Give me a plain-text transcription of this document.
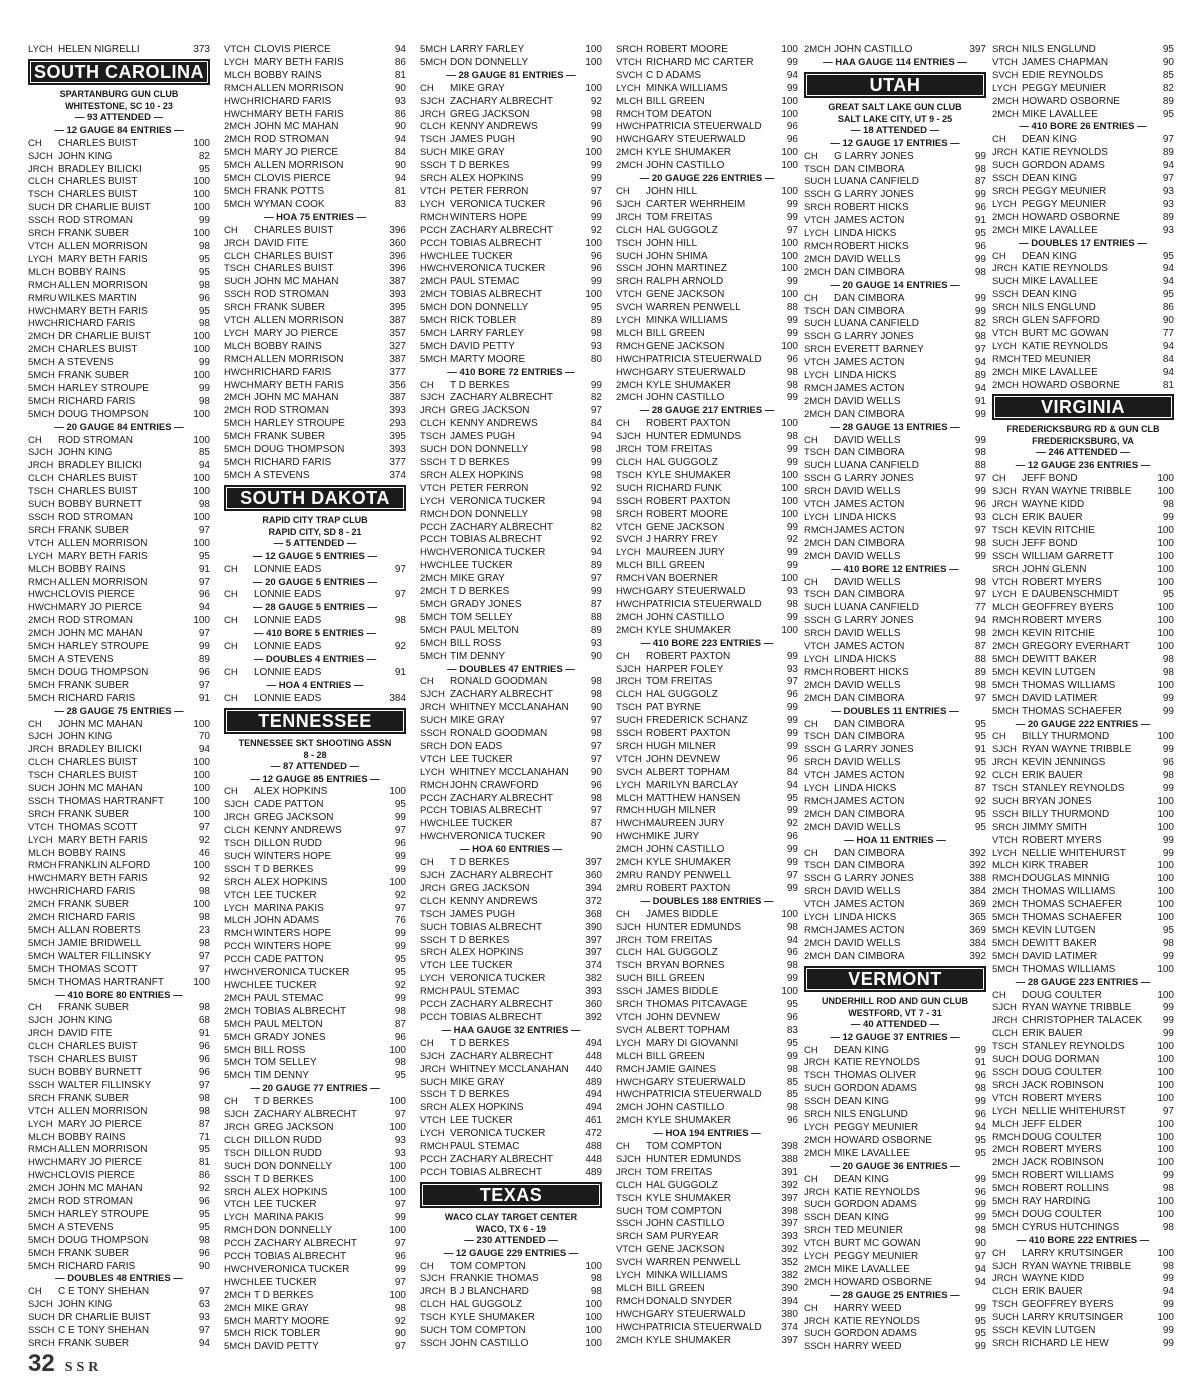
LYCH HELEN NIGRELLI	373
SOUTH CAROLINA
SPARTANBURG GUN CLUB
WHITESTONE, SC 10 - 23
— 93 ATTENDED —
— 12 GAUGE 84 ENTRIES —
CH	CHARLES BUIST	100
SJCH JOHN KING	82
JRCH BRADLEY BILICKI	95
CLCH CHARLES BUIST	100
TSCH CHARLES BUIST	100
SUCH DR CHARLIE BUIST	100
SSCH ROD STROMAN	99
SRCH FRANK SUBER	100
VTCH ALLEN MORRISON	98
LYCH MARY BETH FARIS	95
MLCH BOBBY RAINS	95
RMCH ALLEN MORRISON	98
RMRU WILKES MARTIN	96
HWCH MARY BETH FARIS	95
HWCH RICHARD FARIS	98
2MCH DR CHARLIE BUIST	100
2MCH CHARLES BUIST	100
5MCH A STEVENS	99
5MCH FRANK SUBER	100
5MCH HARLEY STROUPE	99
5MCH RICHARD FARIS	98
5MCH DOUG THOMPSON	100
— 20 GAUGE 84 ENTRIES —
CH	ROD STROMAN	100
SJCH JOHN KING	85
JRCH BRADLEY BILICKI	94
CLCH CHARLES BUIST	100
TSCH CHARLES BUIST	100
SUCH BOBBY BURNETT	98
SSCH ROD STROMAN	100
SRCH FRANK SUBER	97
VTCH ALLEN MORRISON	100
LYCH MARY BETH FARIS	95
MLCH BOBBY RAINS	91
RMCH ALLEN MORRISON	97
HWCH CLOVIS PIERCE	96
HWCH MARY JO PIERCE	94
2MCH ROD STROMAN	100
2MCH JOHN MC MAHAN	97
5MCH HARLEY STROUPE	99
5MCH A STEVENS	89
5MCH DOUG THOMPSON	96
5MCH FRANK SUBER	97
5MCH RICHARD FARIS	91
— 28 GAUGE 75 ENTRIES —
CH	JOHN MC MAHAN	100
SJCH JOHN KING	70
JRCH BRADLEY BILICKI	94
CLCH CHARLES BUIST	100
TSCH CHARLES BUIST	100
SUCH JOHN MC MAHAN	100
SSCH THOMAS HARTRANFT	100
SRCH FRANK SUBER	100
VTCH THOMAS SCOTT	97
LYCH MARY BETH FARIS	92
MLCH BOBBY RAINS	46
RMCH FRANKLIN ALFORD	100
HWCH MARY BETH FARIS	92
HWCH RICHARD FARIS	98
2MCH FRANK SUBER	100
2MCH RICHARD FARIS	98
5MCH ALLAN ROBERTS	23
5MCH JAMIE BRIDWELL	98
5MCH WALTER FILLINSKY	97
5MCH THOMAS SCOTT	97
5MCH THOMAS HARTRANFT	100
— 410 BORE 80 ENTRIES —
CH	FRANK SUBER	98
SJCH JOHN KING	68
JRCH DAVID FITE	91
CLCH CHARLES BUIST	96
TSCH CHARLES BUIST	96
SUCH BOBBY BURNETT	96
SSCH WALTER FILLINSKY	97
SRCH FRANK SUBER	98
VTCH ALLEN MORRISON	98
LYCH MARY JO PIERCE	87
MLCH BOBBY RAINS	71
RMCH ALLEN MORRISON	95
HWCH MARY JO PIERCE	81
HWCH CLOVIS PIERCE	86
2MCH JOHN MC MAHAN	92
2MCH ROD STROMAN	96
5MCH HARLEY STROUPE	95
5MCH A STEVENS	95
5MCH DOUG THOMPSON	98
5MCH FRANK SUBER	96
5MCH RICHARD FARIS	90
— DOUBLES 48 ENTRIES —
CH	C E TONY SHEHAN	97
SJCH JOHN KING	63
SUCH DR CHARLIE BUIST	93
SSCH C E TONY SHEHAN	97
SRCH FRANK SUBER	94
VTCH CLOVIS PIERCE	94
LYCH MARY BETH FARIS	86
MLCH BOBBY RAINS	81
RMCH ALLEN MORRISON	90
HWCH RICHARD FARIS	93
HWCH MARY BETH FARIS	86
2MCH JOHN MC MAHAN	90
2MCH ROD STROMAN	94
5MCH MARY JO PIERCE	84
5MCH ALLEN MORRISON	90
5MCH CLOVIS PIERCE	94
5MCH FRANK POTTS	81
5MCH WYMAN COOK	83
— HOA 75 ENTRIES —
CH	CHARLES BUIST	396
JRCH DAVID FITE	360
CLCH CHARLES BUIST	396
TSCH CHARLES BUIST	396
SUCH JOHN MC MAHAN	387
SSCH ROD STROMAN	393
SRCH FRANK SUBER	395
VTCH ALLEN MORRISON	387
LYCH MARY JO PIERCE	357
MLCH BOBBY RAINS	327
RMCH ALLEN MORRISON	387
HWCH RICHARD FARIS	377
HWCH MARY BETH FARIS	356
2MCH JOHN MC MAHAN	387
2MCH ROD STROMAN	393
5MCH HARLEY STROUPE	293
5MCH FRANK SUBER	395
5MCH DOUG THOMPSON	393
5MCH RICHARD FARIS	377
5MCH A STEVENS	374
SOUTH DAKOTA
RAPID CITY TRAP CLUB
RAPID CITY, SD 8 - 21
— 5 ATTENDED —
— 12 GAUGE 5 ENTRIES —
CH	LONNIE EADS	97
— 20 GAUGE 5 ENTRIES —
CH	LONNIE EADS	97
— 28 GAUGE 5 ENTRIES —
CH	LONNIE EADS	98
— 410 BORE 5 ENTRIES —
CH	LONNIE EADS	92
— DOUBLES 4 ENTRIES —
CH	LONNIE EADS	91
— HOA 4 ENTRIES —
CH	LONNIE EADS	384
TENNESSEE
TENNESSEE SKT SHOOTING ASSN
8 - 28
— 87 ATTENDED —
— 12 GAUGE 85 ENTRIES —
CH	ALEX HOPKINS	100
SJCH CADE PATTON	95
JRCH GREG JACKSON	99
CLCH KENNY ANDREWS	97
TSCH DILLON RUDD	96
SUCH WINTERS HOPE	99
SSCH T D BERKES	99
SRCH ALEX HOPKINS	100
VTCH LEE TUCKER	92
LYCH MARINA PAKIS	97
MLCH JOHN ADAMS	76
RMCH WINTERS HOPE	99
PCCH WINTERS HOPE	99
PCCH CADE PATTON	95
HWCH VERONICA TUCKER	95
HWCH LEE TUCKER	92
2MCH PAUL STEMAC	99
2MCH TOBIAS ALBRECHT	98
5MCH PAUL MELTON	87
5MCH GRADY JONES	96
5MCH BILL ROSS	100
5MCH TOM SELLEY	98
5MCH TIM DENNY	95
— 20 GAUGE 77 ENTRIES —
CH	T D BERKES	100
SJCH ZACHARY ALBRECHT	97
JRCH GREG JACKSON	100
CLCH DILLON RUDD	93
TSCH DILLON RUDD	93
SUCH DON DONNELLY	100
SSCH T D BERKES	100
SRCH ALEX HOPKINS	100
VTCH LEE TUCKER	97
LYCH MARINA PAKIS	99
RMCH DON DONNELLY	100
PCCH ZACHARY ALBRECHT	97
PCCH TOBIAS ALBRECHT	96
HWCH VERONICA TUCKER	99
HWCH LEE TUCKER	97
2MCH T D BERKES	100
2MCH MIKE GRAY	98
5MCH MARTY MOORE	92
5MCH RICK TOBLER	90
5MCH DAVID PETTY	97
5MCH LARRY FARLEY	100
5MCH DON DONNELLY	100
— 28 GAUGE 81 ENTRIES —
CH	MIKE GRAY	100
SJCH ZACHARY ALBRECHT	92
JRCH GREG JACKSON	98
CLCH KENNY ANDREWS	99
TSCH JAMES PUGH	90
SUCH MIKE GRAY	100
SSCH T D BERKES	99
SRCH ALEX HOPKINS	99
VTCH PETER FERRON	97
LYCH VERONICA TUCKER	96
RMCH WINTERS HOPE	99
PCCH ZACHARY ALBRECHT	92
PCCH TOBIAS ALBRECHT	100
HWCH LEE TUCKER	96
HWCH VERONICA TUCKER	96
2MCH PAUL STEMAC	99
2MCH TOBIAS ALBRECHT	100
5MCH DON DONNELLY	95
5MCH RICK TOBLER	89
5MCH LARRY FARLEY	98
5MCH DAVID PETTY	93
5MCH MARTY MOORE	80
— 410 BORE 72 ENTRIES —
CH	T D BERKES	99
SJCH ZACHARY ALBRECHT	82
JRCH GREG JACKSON	97
CLCH KENNY ANDREWS	84
TSCH JAMES PUGH	94
SUCH DON DONNELLY	98
SSCH T D BERKES	99
SRCH ALEX HOPKINS	98
VTCH PETER FERRON	92
LYCH VERONICA TUCKER	94
RMCH DON DONNELLY	98
PCCH ZACHARY ALBRECHT	82
PCCH TOBIAS ALBRECHT	92
HWCH VERONICA TUCKER	94
HWCH LEE TUCKER	89
2MCH MIKE GRAY	97
2MCH T D BERKES	99
5MCH GRADY JONES	87
5MCH TOM SELLEY	88
5MCH PAUL MELTON	89
5MCH BILL ROSS	93
5MCH TIM DENNY	90
— DOUBLES 47 ENTRIES —
CH	RONALD GOODMAN	98
SJCH ZACHARY ALBRECHT	98
JRCH WHITNEY MCCLANAHAN	90
SUCH MIKE GRAY	97
SSCH RONALD GOODMAN	98
SRCH DON EADS	97
VTCH LEE TUCKER	97
LYCH WHITNEY MCCLANAHAN	90
RMCH JOHN CRAWFORD	96
PCCH ZACHARY ALBRECHT	98
PCCH TOBIAS ALBRECHT	97
HWCH LEE TUCKER	87
HWCH VERONICA TUCKER	90
— HOA 60 ENTRIES —
CH	T D BERKES	397
SJCH ZACHARY ALBRECHT	360
JRCH GREG JACKSON	394
CLCH KENNY ANDREWS	372
TSCH JAMES PUGH	368
SUCH TOBIAS ALBRECHT	390
SSCH T D BERKES	397
SRCH ALEX HOPKINS	397
VTCH LEE TUCKER	374
LYCH VERONICA TUCKER	382
RMCH PAUL STEMAC	393
PCCH ZACHARY ALBRECHT	360
PCCH TOBIAS ALBRECHT	392
— HAA GAUGE 32 ENTRIES —
CH	T D BERKES	494
SJCH ZACHARY ALBRECHT	448
JRCH WHITNEY MCCLANAHAN	440
SUCH MIKE GRAY	489
SSCH T D BERKES	494
SRCH ALEX HOPKINS	494
VTCH LEE TUCKER	461
LYCH VERONICA TUCKER	472
RMCH PAUL STEMAC	488
PCCH ZACHARY ALBRECHT	448
PCCH TOBIAS ALBRECHT	489
TEXAS
WACO CLAY TARGET CENTER
WACO, TX 6 - 19
— 230 ATTENDED —
— 12 GAUGE 229 ENTRIES —
CH	TOM COMPTON	100
SJCH FRANKIE THOMAS	98
JRCH B J BLANCHARD	98
CLCH HAL GUGGOLZ	100
TSCH KYLE SHUMAKER	100
SUCH TOM COMPTON	100
SSCH JOHN CASTILLO	100
SRCH ROBERT MOORE	100
VTCH RICHARD MC CARTER	99
SVCH C D ADAMS	94
LYCH MINKA WILLIAMS	99
MLCH BILL GREEN	100
RMCH TOM DEATON	100
HWCH PATRICIA STEUERWALD	96
HWCH GARY STEUERWALD	96
2MCH KYLE SHUMAKER	100
2MCH JOHN CASTILLO	100
— 20 GAUGE 226 ENTRIES —
CH	JOHN HILL	100
SJCH CARTER WEHRHEIM	99
JRCH TOM FREITAS	99
CLCH HAL GUGGOLZ	97
TSCH JOHN HILL	100
SUCH JOHN SHIMA	100
SSCH JOHN MARTINEZ	100
SRCH RALPH ARNOLD	99
VTCH GENE JACKSON	100
SVCH WARREN PENWELL	88
LYCH MINKA WILLIAMS	99
MLCH BILL GREEN	99
RMCH GENE JACKSON	100
HWCH PATRICIA STEUERWALD	96
HWCH GARY STEUERWALD	98
2MCH KYLE SHUMAKER	98
2MCH JOHN CASTILLO	99
— 28 GAUGE 217 ENTRIES —
CH	ROBERT PAXTON	100
SJCH HUNTER EDMUNDS	98
JRCH TOM FREITAS	99
CLCH HAL GUGGOLZ	99
TSCH KYLE SHUMAKER	100
SUCH RICHARD FUNK	100
SSCH ROBERT PAXTON	100
SRCH ROBERT MOORE	100
VTCH GENE JACKSON	99
SVCH J HARRY FREY	92
LYCH MAUREEN JURY	99
MLCH BILL GREEN	99
RMCH VAN BOERNER	100
HWCH GARY STEUERWALD	93
HWCH PATRICIA STEUERWALD	98
2MCH JOHN CASTILLO	99
2MCH KYLE SHUMAKER	100
— 410 BORE 223 ENTRIES —
CH	ROBERT PAXTON	99
SJCH HARPER FOLEY	93
JRCH TOM FREITAS	97
CLCH HAL GUGGOLZ	96
TSCH PAT BYRNE	99
SUCH FREDERICK SCHANZ	99
SSCH ROBERT PAXTON	99
SRCH HUGH MILNER	99
VTCH JOHN DEVNEW	96
SVCH ALBERT TOPHAM	84
LYCH MARILYN BARCLAY	94
MLCH MATTHEW HANSEN	95
RMCH HUGH MILNER	99
HWCH MAUREEN JURY	92
HWCH MIKE JURY	96
2MCH JOHN CASTILLO	99
2MCH KYLE SHUMAKER	99
2MRU RANDY PENWELL	97
2MRU ROBERT PAXTON	99
— DOUBLES 188 ENTRIES —
CH	JAMES BIDDLE	100
SJCH HUNTER EDMUNDS	98
JRCH TOM FREITAS	94
CLCH HAL GUGGOLZ	96
TSCH BRYAN BORNES	98
SUCH BILL GREEN	99
SSCH JAMES BIDDLE	100
SRCH THOMAS PITCAVAGE	95
VTCH JOHN DEVNEW	96
SVCH ALBERT TOPHAM	83
LYCH MARY DI GIOVANNI	95
MLCH BILL GREEN	99
RMCH JAMIE GAINES	98
HWCH GARY STEUERWALD	85
HWCH PATRICIA STEUERWALD	85
2MCH JOHN CASTILLO	98
2MCH KYLE SHUMAKER	96
— HOA 194 ENTRIES —
CH	TOM COMPTON	398
SJCH HUNTER EDMUNDS	388
JRCH TOM FREITAS	391
CLCH HAL GUGGOLZ	392
TSCH KYLE SHUMAKER	397
SUCH TOM COMPTON	398
SSCH JOHN CASTILLO	397
SRCH SAM PURYEAR	393
VTCH GENE JACKSON	392
SVCH WARREN PENWELL	352
LYCH MINKA WILLIAMS	382
MLCH BILL GREEN	390
RMCH DONALD SNYDER	394
HWCH GARY STEUERWALD	380
HWCH PATRICIA STEUERWALD	374
2MCH KYLE SHUMAKER	397
2MCH JOHN CASTILLO	397
— HAA GAUGE 114 ENTRIES —
UTAH
GREAT SALT LAKE GUN CLUB
SALT LAKE CITY, UT 9 - 25
— 18 ATTENDED —
— 12 GAUGE 17 ENTRIES —
CH	G LARRY JONES	99
TSCH DAN CIMBORA	98
SUCH LUANA CANFIELD	87
SSCH G LARRY JONES	99
SRCH ROBERT HICKS	96
VTCH JAMES ACTON	91
LYCH LINDA HICKS	95
RMCH ROBERT HICKS	96
2MCH DAVID WELLS	99
2MCH DAN CIMBORA	98
— 20 GAUGE 14 ENTRIES —
CH	DAN CIMBORA	99
TSCH DAN CIMBORA	99
SUCH LUANA CANFIELD	82
SSCH G LARRY JONES	98
SRCH EVERETT BARNEY	97
VTCH JAMES ACTON	94
LYCH LINDA HICKS	89
RMCH JAMES ACTON	94
2MCH DAVID WELLS	91
2MCH DAN CIMBORA	99
— 28 GAUGE 13 ENTRIES —
CH	DAVID WELLS	99
TSCH DAN CIMBORA	98
SUCH LUANA CANFIELD	88
SSCH G LARRY JONES	97
SRCH DAVID WELLS	99
VTCH JAMES ACTON	96
LYCH LINDA HICKS	93
RMCH JAMES ACTON	97
2MCH DAN CIMBORA	98
2MCH DAVID WELLS	99
— 410 BORE 12 ENTRIES —
CH	DAVID WELLS	98
TSCH DAN CIMBORA	97
SUCH LUANA CANFIELD	77
SSCH G LARRY JONES	94
SRCH DAVID WELLS	98
VTCH JAMES ACTON	87
LYCH LINDA HICKS	88
RMCH ROBERT HICKS	89
2MCH DAVID WELLS	98
2MCH DAN CIMBORA	97
— DOUBLES 11 ENTRIES —
CH	DAN CIMBORA	95
TSCH DAN CIMBORA	95
SSCH G LARRY JONES	91
SRCH DAVID WELLS	95
VTCH JAMES ACTON	92
LYCH LINDA HICKS	87
RMCH JAMES ACTON	92
2MCH DAN CIMBORA	95
2MCH DAVID WELLS	95
— HOA 11 ENTRIES —
CH	DAN CIMBORA	392
TSCH DAN CIMBORA	392
SSCH G LARRY JONES	388
SRCH DAVID WELLS	384
VTCH JAMES ACTON	369
LYCH LINDA HICKS	365
RMCH JAMES ACTON	369
2MCH DAVID WELLS	384
2MCH DAN CIMBORA	392
VERMONT
UNDERHILL ROD AND GUN CLUB
WESTFORD, VT 7 - 31
— 40 ATTENDED —
— 12 GAUGE 37 ENTRIES —
CH	DEAN KING	99
JRCH KATIE REYNOLDS	91
TSCH THOMAS OLIVER	96
SUCH GORDON ADAMS	98
SSCH DEAN KING	99
SRCH NILS ENGLUND	96
LYCH PEGGY MEUNIER	94
2MCH HOWARD OSBORNE	95
2MCH MIKE LAVALLEE	95
— 20 GAUGE 36 ENTRIES —
CH	DEAN KING	99
JRCH KATIE REYNOLDS	96
SUCH GORDON ADAMS	99
SSCH DEAN KING	99
SRCH TED MEUNIER	98
VTCH BURT MC GOWAN	90
LYCH PEGGY MEUNIER	97
2MCH MIKE LAVALLEE	94
2MCH HOWARD OSBORNE	94
— 28 GAUGE 25 ENTRIES —
CH	HARRY WEED	99
JRCH KATIE REYNOLDS	95
SUCH GORDON ADAMS	95
SSCH HARRY WEED	99
SRCH NILS ENGLUND	95
VTCH JAMES CHAPMAN	90
SVCH EDIE REYNOLDS	85
LYCH PEGGY MEUNIER	82
2MCH HOWARD OSBORNE	89
2MCH MIKE LAVALLEE	95
— 410 BORE 26 ENTRIES —
CH	DEAN KING	97
JRCH KATIE REYNOLDS	89
SUCH GORDON ADAMS	94
SSCH DEAN KING	97
SRCH PEGGY MEUNIER	93
LYCH PEGGY MEUNIER	93
2MCH HOWARD OSBORNE	89
2MCH MIKE LAVALLEE	93
— DOUBLES 17 ENTRIES —
CH	DEAN KING	95
JRCH KATIE REYNOLDS	94
SUCH MIKE LAVALLEE	94
SSCH DEAN KING	95
SRCH NILS ENGLUND	86
SRCH GLEN SAFFORD	90
VTCH BURT MC GOWAN	77
LYCH KATIE REYNOLDS	94
RMCH TED MEUNIER	84
2MCH MIKE LAVALLEE	94
2MCH HOWARD OSBORNE	81
VIRGINIA
FREDERICKSBURG RD & GUN CLB
FREDERICKSBURG, VA
— 246 ATTENDED —
— 12 GAUGE 236 ENTRIES —
CH	JEFF BOND	100
SJCH RYAN WAYNE TRIBBLE	100
JRCH WAYNE KIDD	98
CLCH ERIK BAUER	99
TSCH KEVIN RITCHIE	100
SUCH JEFF BOND	100
SSCH WILLIAM GARRETT	100
SRCH JOHN GLENN	100
VTCH ROBERT MYERS	100
LYCH E DAUBENSCHMIDT	95
MLCH GEOFFREY BYERS	100
RMCH ROBERT MYERS	100
2MCH KEVIN RITCHIE	100
2MCH GREGORY EVERHART	100
5MCH DEWITT BAKER	98
5MCH KEVIN LUTGEN	98
5MCH THOMAS WILLIAMS	100
5MCH DAVID LATIMER	99
5MCH THOMAS SCHAEFER	99
— 20 GAUGE 222 ENTRIES —
CH	BILLY THURMOND	100
SJCH RYAN WAYNE TRIBBLE	99
JRCH KEVIN JENNINGS	96
CLCH ERIK BAUER	98
TSCH STANLEY REYNOLDS	99
SUCH BRYAN JONES	100
SSCH BILLY THURMOND	100
SRCH JIMMY SMITH	100
VTCH ROBERT MYERS	99
LYCH NELLIE WHITEHURST	99
MLCH KIRK TRABER	100
RMCH DOUGLAS MINNIG	100
2MCH THOMAS WILLIAMS	100
2MCH THOMAS SCHAEFER	100
5MCH THOMAS SCHAEFER	100
5MCH KEVIN LUTGEN	95
5MCH DEWITT BAKER	98
5MCH DAVID LATIMER	99
5MCH THOMAS WILLIAMS	100
— 28 GAUGE 223 ENTRIES —
CH	DOUG COULTER	100
SJCH RYAN WAYNE TRIBBLE	99
JRCH CHRISTOPHER TALACEK	99
CLCH ERIK BAUER	99
TSCH STANLEY REYNOLDS	100
SUCH DOUG DORMAN	100
SSCH DOUG COULTER	100
SRCH JACK ROBINSON	100
VTCH ROBERT MYERS	100
LYCH NELLIE WHITEHURST	97
MLCH JEFF ELDER	100
RMCH DOUG COULTER	100
2MCH ROBERT MYERS	100
2MCH JACK ROBINSON	100
5MCH ROBERT WILLIAMS	99
5MCH ROBERT ROLLINS	98
5MCH RAY HARDING	100
5MCH DOUG COULTER	100
5MCH CYRUS HUTCHINGS	98
— 410 BORE 222 ENTRIES —
CH	LARRY KRUTSINGER	100
SJCH RYAN WAYNE TRIBBLE	98
JRCH WAYNE KIDD	99
CLCH ERIK BAUER	94
TSCH GEOFFREY BYERS	99
SUCH LARRY KRUTSINGER	100
SSCH KEVIN LUTGEN	99
SRCH RICHARD LE HEW	99
32 SSR
